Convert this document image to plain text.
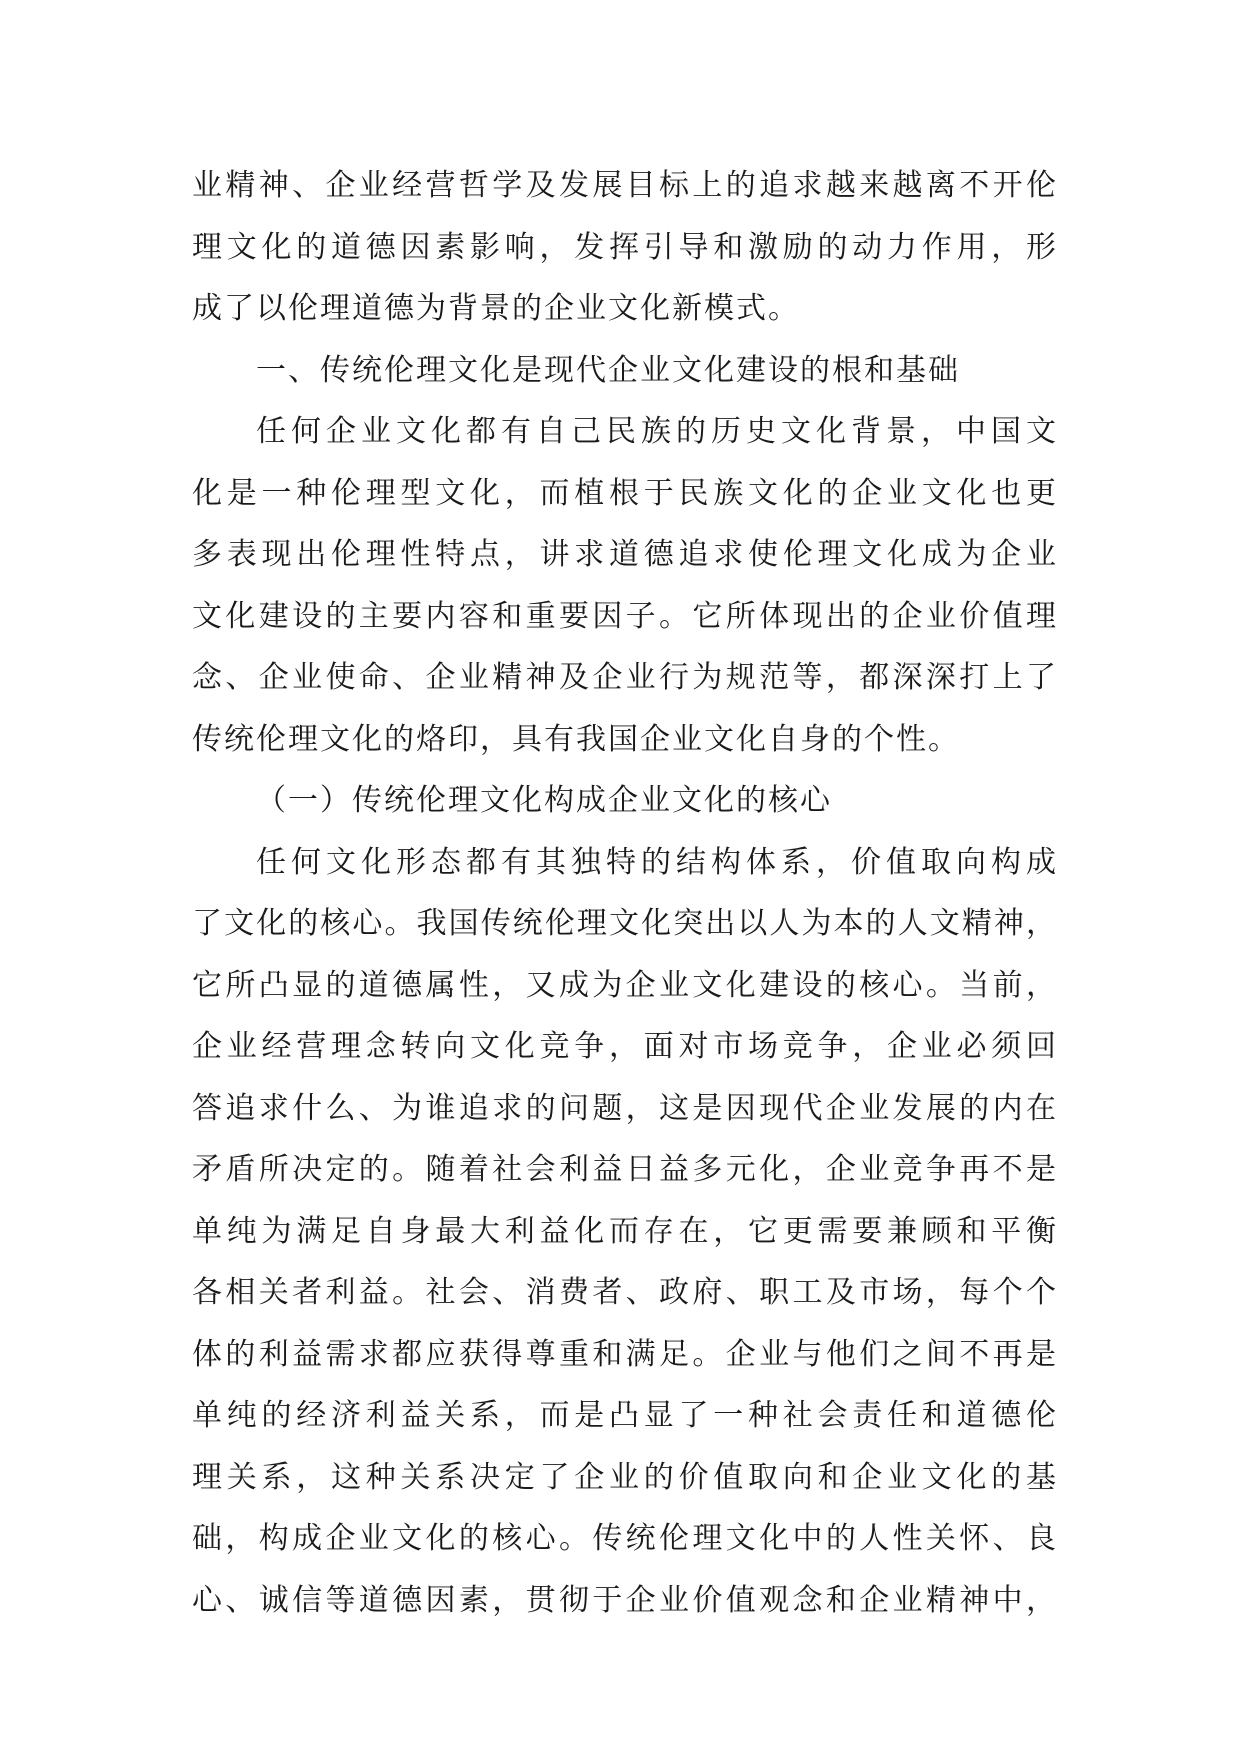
业精神、企业经营哲学及发展目标上的追求越来越离不开伦
理文化的道德因素影响，发挥引导和激励的动力作用，形
成了以伦理道德为背景的企业文化新模式。
一、传统伦理文化是现代企业文化建设的根和基础
任何企业文化都有自己民族的历史文化背景，中国文
化是一种伦理型文化，而植根于民族文化的企业文化也更
多表现出伦理性特点，讲求道德追求使伦理文化成为企业
文化建设的主要内容和重要因子。它所体现出的企业价值理
念、企业使命、企业精神及企业行为规范等，都深深打上了
传统伦理文化的烙印，具有我国企业文化自身的个性。
（一）传统伦理文化构成企业文化的核心
任何文化形态都有其独特的结构体系，价值取向构成
了文化的核心。我国传统伦理文化突出以人为本的人文精神，
它所凸显的道德属性，又成为企业文化建设的核心。当前，
企业经营理念转向文化竞争，面对市场竞争，企业必须回
答追求什么、为谁追求的问题，这是因现代企业发展的内在
矛盾所决定的。随着社会利益日益多元化，企业竞争再不是
单纯为满足自身最大利益化而存在，它更需要兼顾和平衡
各相关者利益。社会、消费者、政府、职工及市场，每个个
体的利益需求都应获得尊重和满足。企业与他们之间不再是
单纯的经济利益关系，而是凸显了一种社会责任和道德伦
理关系，这种关系决定了企业的价值取向和企业文化的基
础，构成企业文化的核心。传统伦理文化中的人性关怀、良
心、诚信等道德因素，贯彻于企业价值观念和企业精神中，
